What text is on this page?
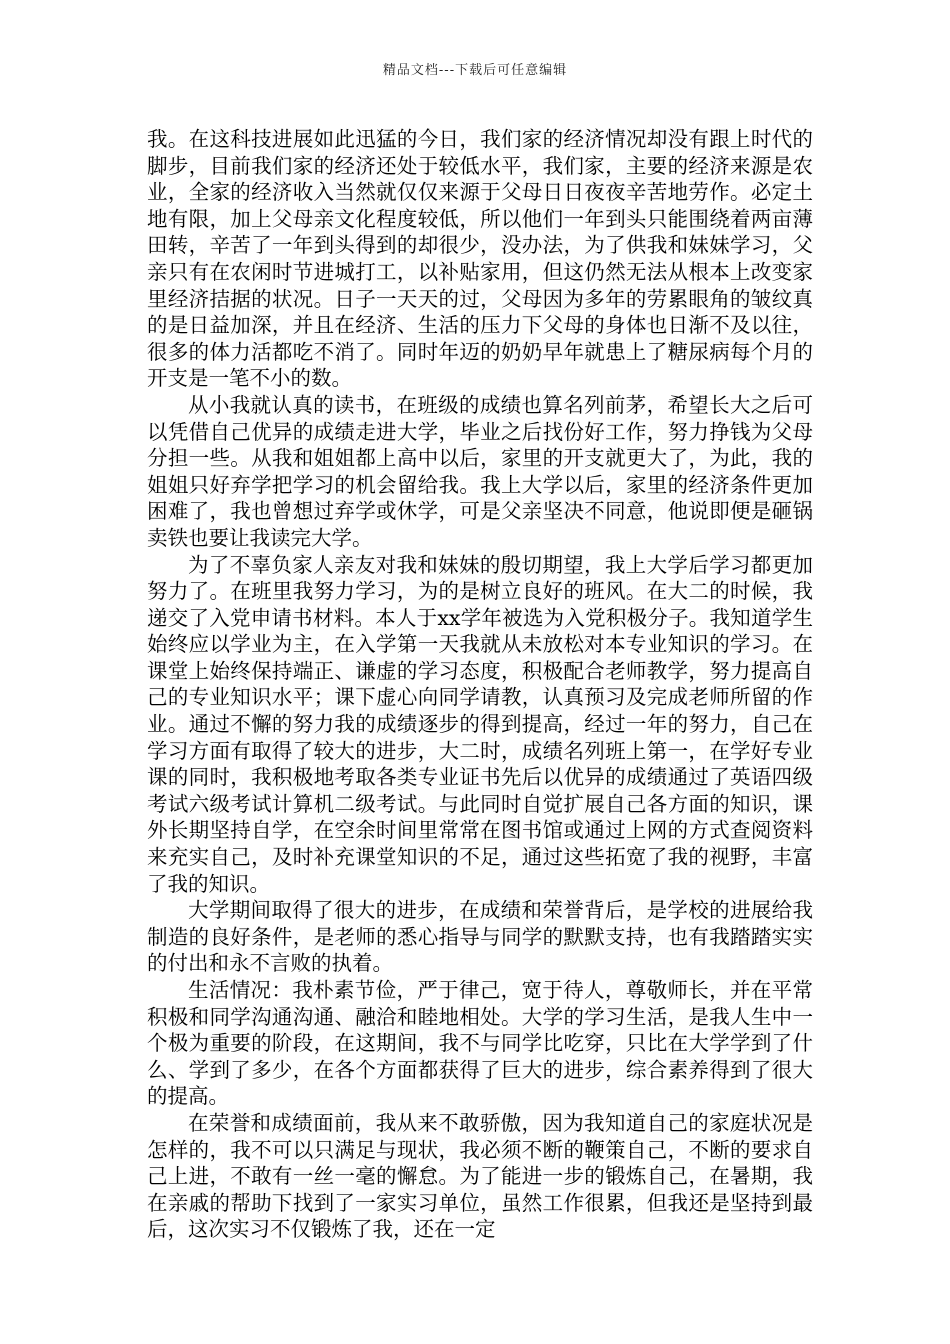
精品文档---下载后可任意编辑

我。在这科技进展如此迅猛的今日，我们家的经济情况却没有跟上时代的脚步，目前我们家的经济还处于较低水平，我们家，主要的经济来源是农业，全家的经济收入当然就仅仅来源于父母日日夜夜辛苦地劳作。必定土地有限，加上父母亲文化程度较低，所以他们一年到头只能围绕着两亩薄田转，辛苦了一年到头得到的却很少，没办法，为了供我和妹妹学习，父亲只有在农闲时节进城打工，以补贴家用，但这仍然无法从根本上改变家里经济拮据的状况。日子一天天的过，父母因为多年的劳累眼角的皱纹真的是日益加深，并且在经济、生活的压力下父母的身体也日渐不及以往，很多的体力活都吃不消了。同时年迈的奶奶早年就患上了糖尿病每个月的开支是一笔不小的数。

从小我就认真的读书，在班级的成绩也算名列前茅，希望长大之后可以凭借自己优异的成绩走进大学，毕业之后找份好工作，努力挣钱为父母分担一些。从我和姐姐都上高中以后，家里的开支就更大了，为此，我的姐姐只好弃学把学习的机会留给我。我上大学以后，家里的经济条件更加困难了，我也曾想过弃学或休学，可是父亲坚决不同意，他说即便是砸锅卖铁也要让我读完大学。

为了不辜负家人亲友对我和妹妹的殷切期望，我上大学后学习都更加努力了。在班里我努力学习，为的是树立良好的班风。在大二的时候，我递交了入党申请书材料。本人于xx学年被选为入党积极分子。我知道学生始终应以学业为主，在入学第一天我就从未放松对本专业知识的学习。在课堂上始终保持端正、谦虚的学习态度，积极配合老师教学，努力提高自己的专业知识水平；课下虚心向同学请教，认真预习及完成老师所留的作业。通过不懈的努力我的成绩逐步的得到提高，经过一年的努力，自己在学习方面有取得了较大的进步，大二时，成绩名列班上第一，在学好专业课的同时，我积极地考取各类专业证书先后以优异的成绩通过了英语四级考试六级考试计算机二级考试。与此同时自觉扩展自己各方面的知识，课外长期坚持自学，在空余时间里常常在图书馆或通过上网的方式查阅资料来充实自己，及时补充课堂知识的不足，通过这些拓宽了我的视野，丰富了我的知识。

大学期间取得了很大的进步，在成绩和荣誉背后，是学校的进展给我制造的良好条件，是老师的悉心指导与同学的默默支持，也有我踏踏实实的付出和永不言败的执着。

生活情况：我朴素节俭，严于律己，宽于待人，尊敬师长，并在平常积极和同学沟通沟通、融洽和睦地相处。大学的学习生活，是我人生中一个极为重要的阶段，在这期间，我不与同学比吃穿，只比在大学学到了什么、学到了多少，在各个方面都获得了巨大的进步，综合素养得到了很大的提高。

在荣誉和成绩面前，我从来不敢骄傲，因为我知道自己的家庭状况是怎样的，我不可以只满足与现状，我必须不断的鞭策自己，不断的要求自己上进，不敢有一丝一毫的懈怠。为了能进一步的锻炼自己，在暑期，我在亲戚的帮助下找到了一家实习单位，虽然工作很累，但我还是坚持到最后，这次实习不仅锻炼了我，还在一定
